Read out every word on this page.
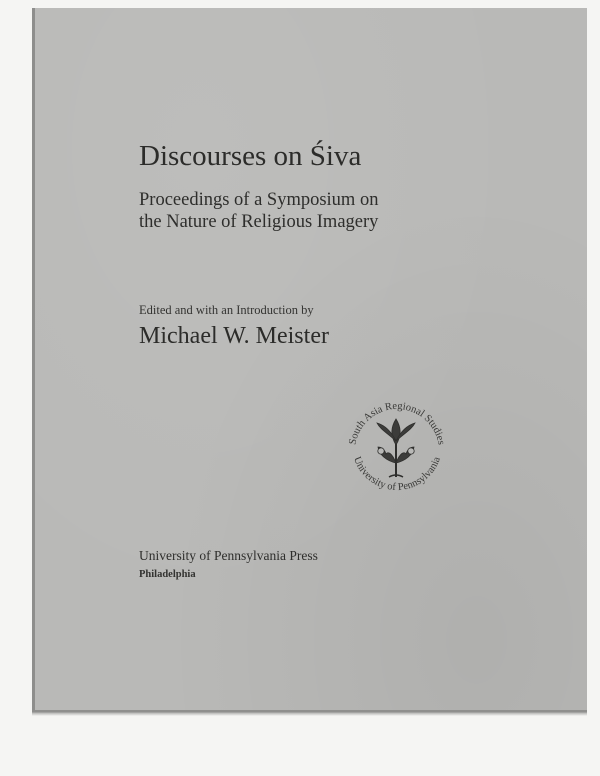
Discourses on Śiva
Proceedings of a Symposium on
the Nature of Religious Imagery
Edited and with an Introduction by
Michael W. Meister
South Asia Regional Studies
University of Pennsylvania
University of Pennsylvania Press
Philadelphia
